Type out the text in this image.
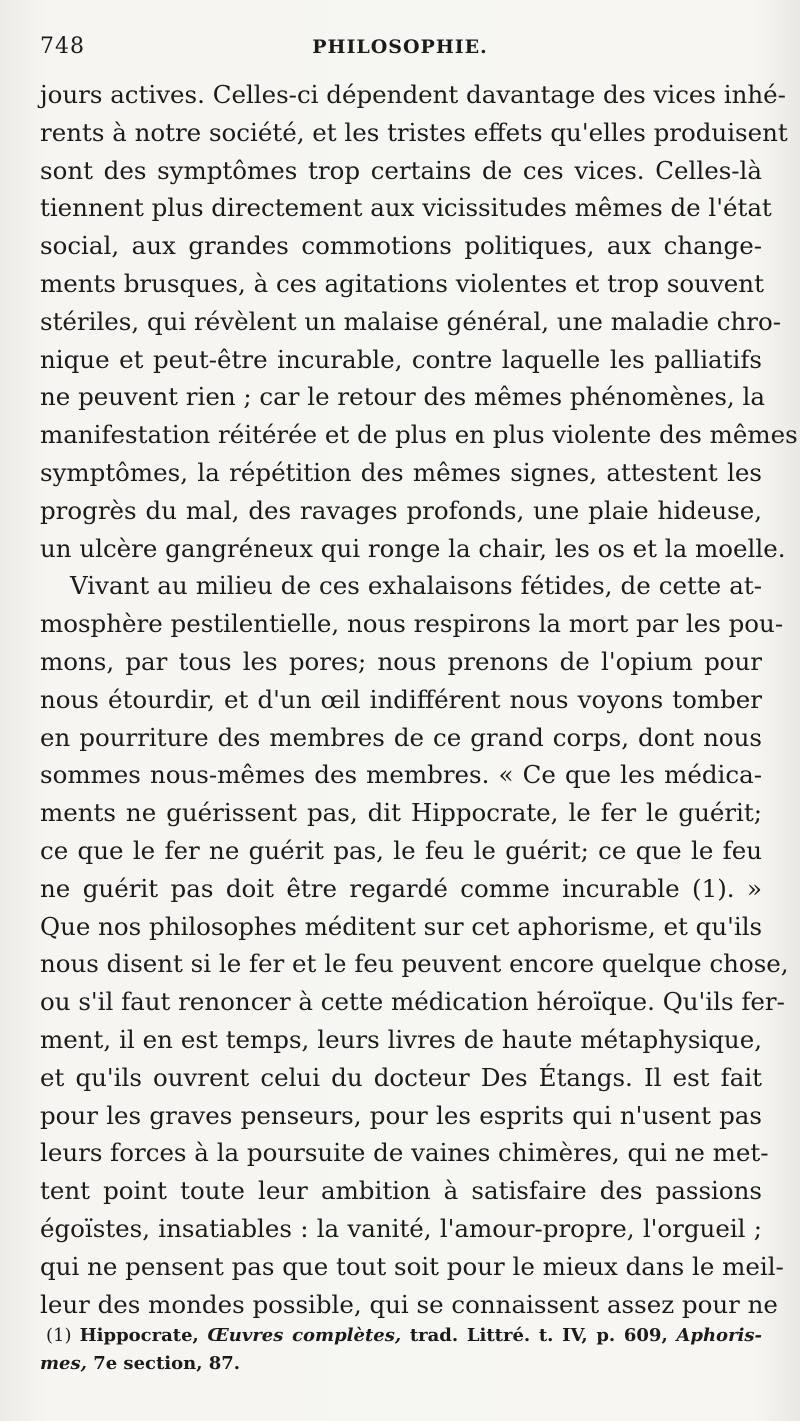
748	PHILOSOPHIE.
jours actives. Celles-ci dépendent davantage des vices inhé-
rents à notre société, et les tristes effets qu'elles produisent
sont des symptômes trop certains de ces vices. Celles-là
tiennent plus directement aux vicissitudes mêmes de l'état
social, aux grandes commotions politiques, aux change-
ments brusques, à ces agitations violentes et trop souvent
stériles, qui révèlent un malaise général, une maladie chro-
nique et peut-être incurable, contre laquelle les palliatifs
ne peuvent rien ; car le retour des mêmes phénomènes, la
manifestation réitérée et de plus en plus violente des mêmes
symptômes, la répétition des mêmes signes, attestent les
progrès du mal, des ravages profonds, une plaie hideuse,
un ulcère gangréneux qui ronge la chair, les os et la moelle.
Vivant au milieu de ces exhalaisons fétides, de cette at-
mosphère pestilentielle, nous respirons la mort par les pou-
mons, par tous les pores; nous prenons de l'opium pour
nous étourdir, et d'un œil indifférent nous voyons tomber
en pourriture des membres de ce grand corps, dont nous
sommes nous-mêmes des membres. « Ce que les médica-
ments ne guérissent pas, dit Hippocrate, le fer le guérit;
ce que le fer ne guérit pas, le feu le guérit; ce que le feu
ne guérit pas doit être regardé comme incurable (1). »
Que nos philosophes méditent sur cet aphorisme, et qu'ils
nous disent si le fer et le feu peuvent encore quelque chose,
ou s'il faut renoncer à cette médication héroïque. Qu'ils fer-
ment, il en est temps, leurs livres de haute métaphysique,
et qu'ils ouvrent celui du docteur Des Étangs. Il est fait
pour les graves penseurs, pour les esprits qui n'usent pas
leurs forces à la poursuite de vaines chimères, qui ne met-
tent point toute leur ambition à satisfaire des passions
égoïstes, insatiables : la vanité, l'amour-propre, l'orgueil ;
qui ne pensent pas que tout soit pour le mieux dans le meil-
leur des mondes possible, qui se connaissent assez pour ne
(1) Hippocrate, Œuvres complètes, trad. Littré. t. IV, p. 609, Aphoris-
mes, 7e section, 87.
